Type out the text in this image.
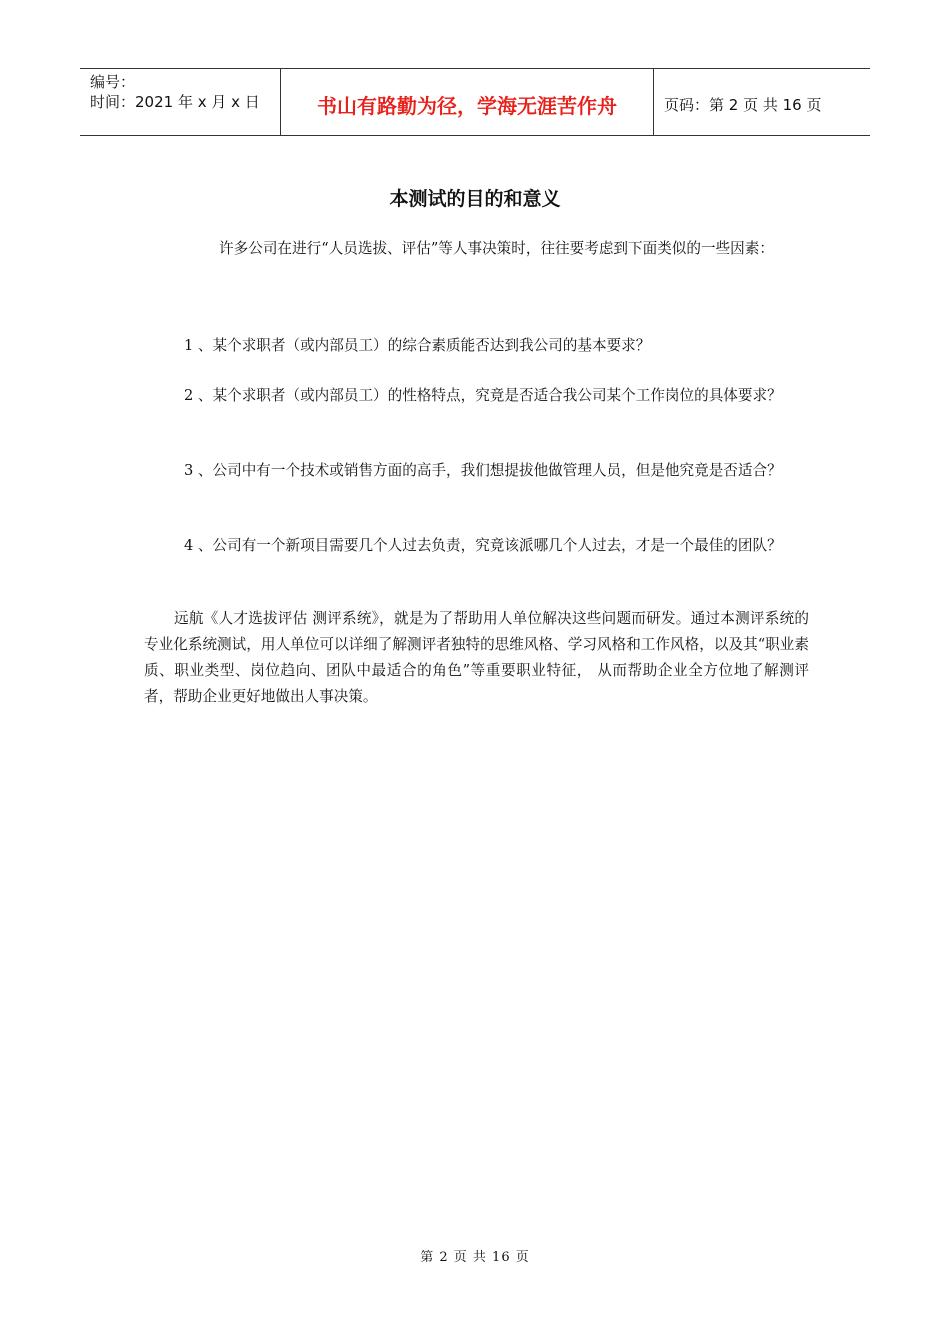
编号：
时间：2021 年 x 月 x 日	书山有路勤为径，学海无涯苦作舟	页码：第 2 页 共 16 页
本测试的目的和意义
许多公司在进行“人员选拔、评估”等人事决策时，往往要考虑到下面类似的一些因素：
1 、某个求职者（或内部员工）的综合素质能否达到我公司的基本要求？
2 、某个求职者（或内部员工）的性格特点，究竟是否适合我公司某个工作岗位的具体要求？
3 、公司中有一个技术或销售方面的高手，我们想提拔他做管理人员，但是他究竟是否适合？
4 、公司有一个新项目需要几个人过去负责，究竟该派哪几个人过去，才是一个最佳的团队？
远航《人才选拔评估 测评系统》，就是为了帮助用人单位解决这些问题而研发。通过本测评系统的专业化系统测试，用人单位可以详细了解测评者独特的思维风格、学习风格和工作风格，以及其“职业素质、职业类型、岗位趋向、团队中最适合的角色”等重要职业特征， 从而帮助企业全方位地了解测评者，帮助企业更好地做出人事决策。
第 2 页 共 16 页
